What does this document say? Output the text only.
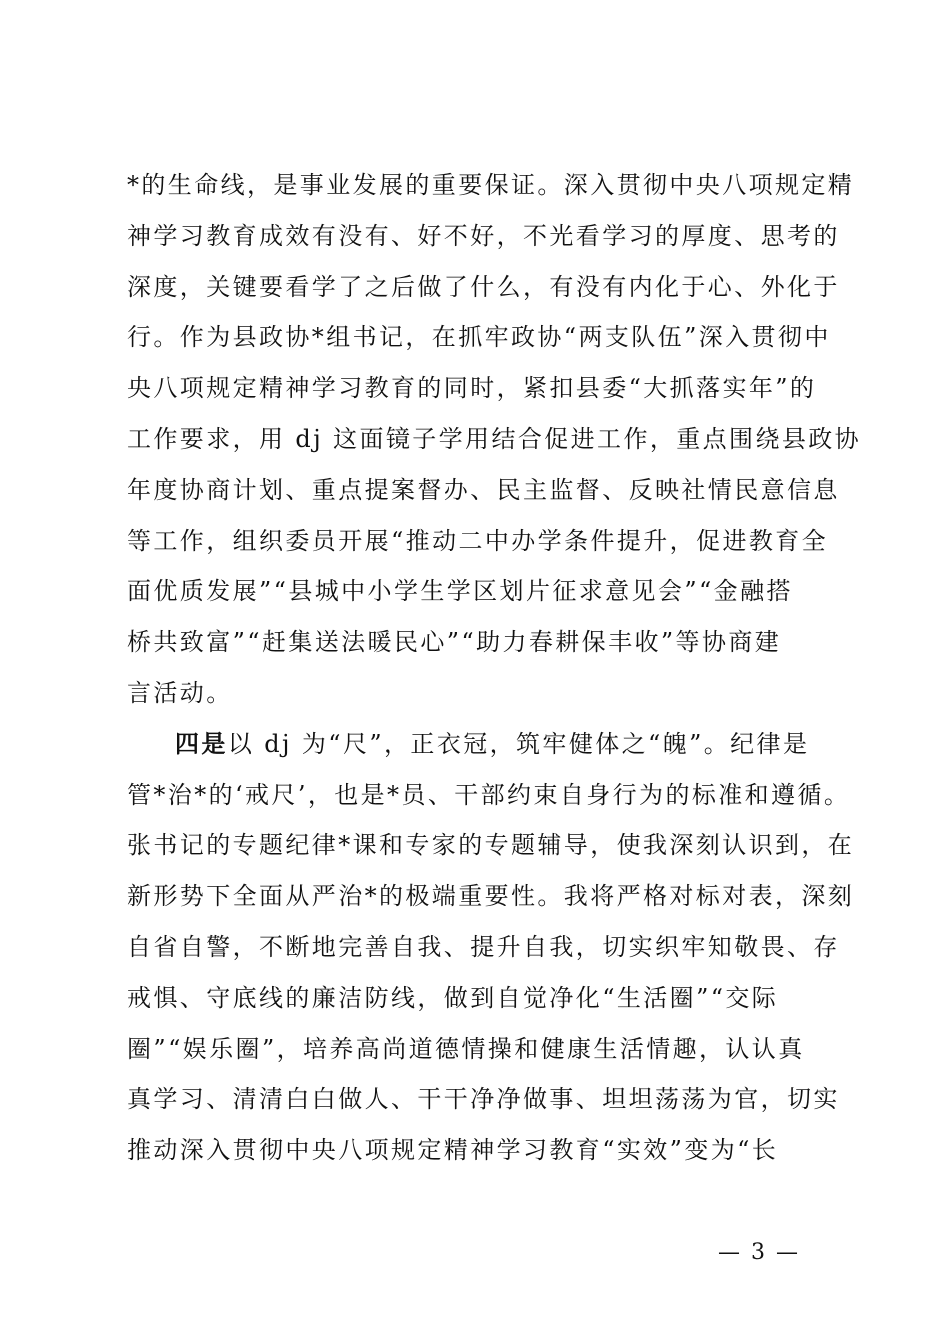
*的生命线，是事业发展的重要保证。深入贯彻中央八项规定精
神学习教育成效有没有、好不好，不光看学习的厚度、思考的
深度，关键要看学了之后做了什么，有没有内化于心、外化于
行。作为县政协*组书记，在抓牢政协“两支队伍”深入贯彻中
央八项规定精神学习教育的同时，紧扣县委“大抓落实年”的
工作要求，用 dj 这面镜子学用结合促进工作，重点围绕县政协
年度协商计划、重点提案督办、民主监督、反映社情民意信息
等工作，组织委员开展“推动二中办学条件提升，促进教育全
面优质发展”“县城中小学生学区划片征求意见会”“金融搭
桥共致富”“赶集送法暖民心”“助力春耕保丰收”等协商建
言活动。
四是以 dj 为“尺”，正衣冠，筑牢健体之“魄”。纪律是
管*治*的‘戒尺’，也是*员、干部约束自身行为的标准和遵循。
张书记的专题纪律*课和专家的专题辅导，使我深刻认识到，在
新形势下全面从严治*的极端重要性。我将严格对标对表，深刻
自省自警，不断地完善自我、提升自我，切实织牢知敬畏、存
戒惧、守底线的廉洁防线，做到自觉净化“生活圈”“交际
圈”“娱乐圈”，培养高尚道德情操和健康生活情趣，认认真
真学习、清清白白做人、干干净净做事、坦坦荡荡为官，切实
推动深入贯彻中央八项规定精神学习教育“实效”变为“长
— 3 —
